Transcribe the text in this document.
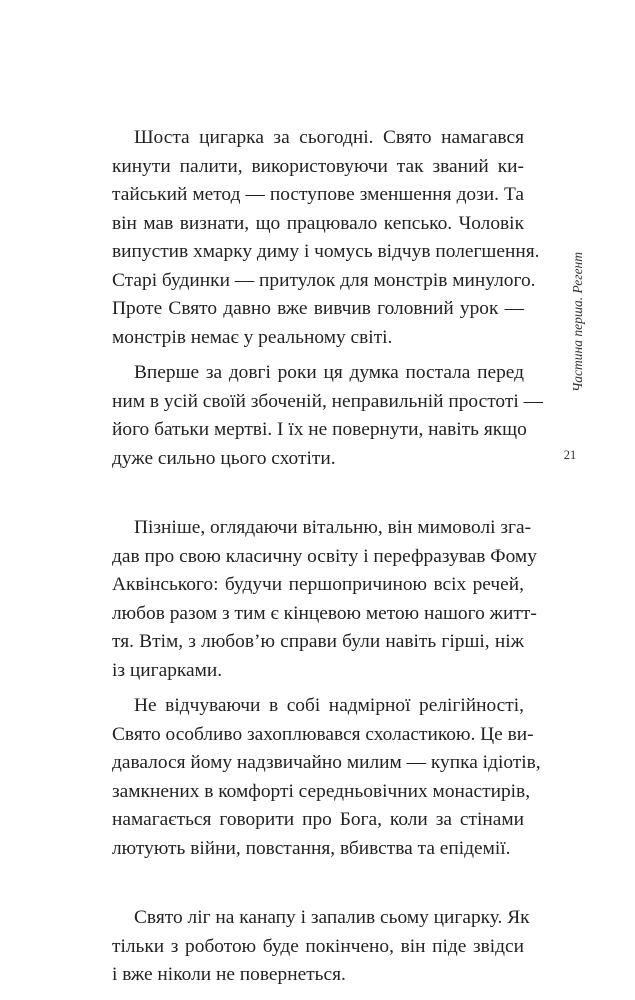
Шоста цигарка за сьогодні. Свято намагався
кинути палити, використовуючи так званий ки-
тайський метод — поступове зменшення дози. Та
він мав визнати, що працювало кепсько. Чоловік
випустив хмарку диму і чомусь відчув полегшення.
Старі будинки — притулок для монстрів минулого.
Проте Свято давно вже вивчив головний урок —
монстрів немає у реальному світі.
Вперше за довгі роки ця думка постала перед
ним в усій своїй збоченій, неправильній простоті —
його батьки мертві. І їх не повернути, навіть якщо
дуже сильно цього схотіти.
Пізніше, оглядаючи вітальню, він мимоволі зга-
дав про свою класичну освіту і перефразував Фому
Аквінського: будучи першопричиною всіх речей,
любов разом з тим є кінцевою метою нашого житт-
тя. Втім, з любов’ю справи були навіть гірші, ніж
із цигарками.
Не відчуваючи в собі надмірної релігійності,
Свято особливо захоплювався схоластикою. Це ви-
давалося йому надзвичайно милим — купка ідіотів,
замкнених в комфорті середньовічних монастирів,
намагається говорити про Бога, коли за стінами
лютують війни, повстання, вбивства та епідемії.
Свято ліг на канапу і запалив сьому цигарку. Як
тільки з роботою буде покінчено, він піде звідси
і вже ніколи не повернеться.
Частина перша. Регент
21
